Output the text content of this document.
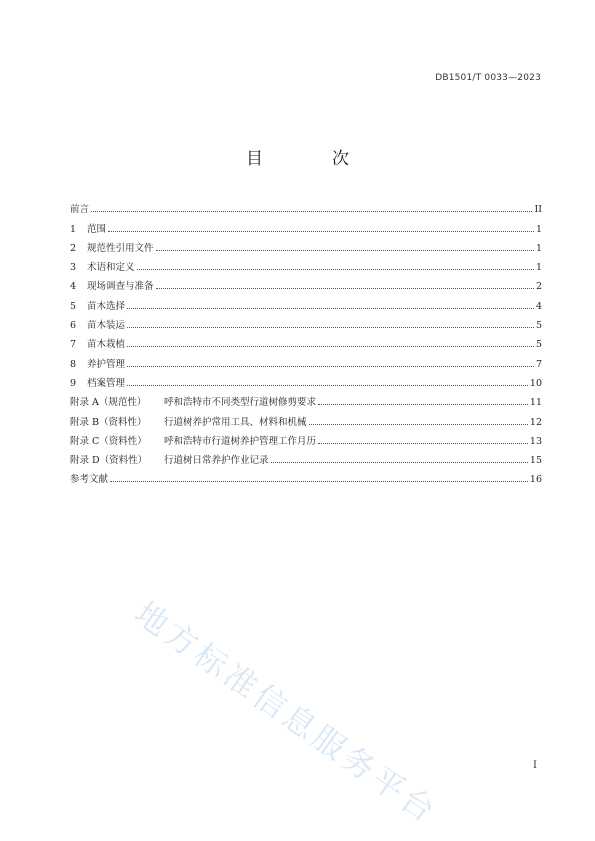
DB1501/T 0033—2023
目　次
前言	II
1	范围	1
2	规范性引用文件	1
3	术语和定义	1
4	现场调查与准备	2
5	苗木选择	4
6	苗木装运	5
7	苗木栽植	5
8	养护管理	7
9	档案管理	10
附录 A（规范性）	呼和浩特市不同类型行道树修剪要求	11
附录 B（资料性）	行道树养护常用工具、材料和机械	12
附录 C（资料性）	呼和浩特市行道树养护管理工作月历	13
附录 D（资料性）	行道树日常养护作业记录	15
参考文献	16
地方标准信息服务平台	I
